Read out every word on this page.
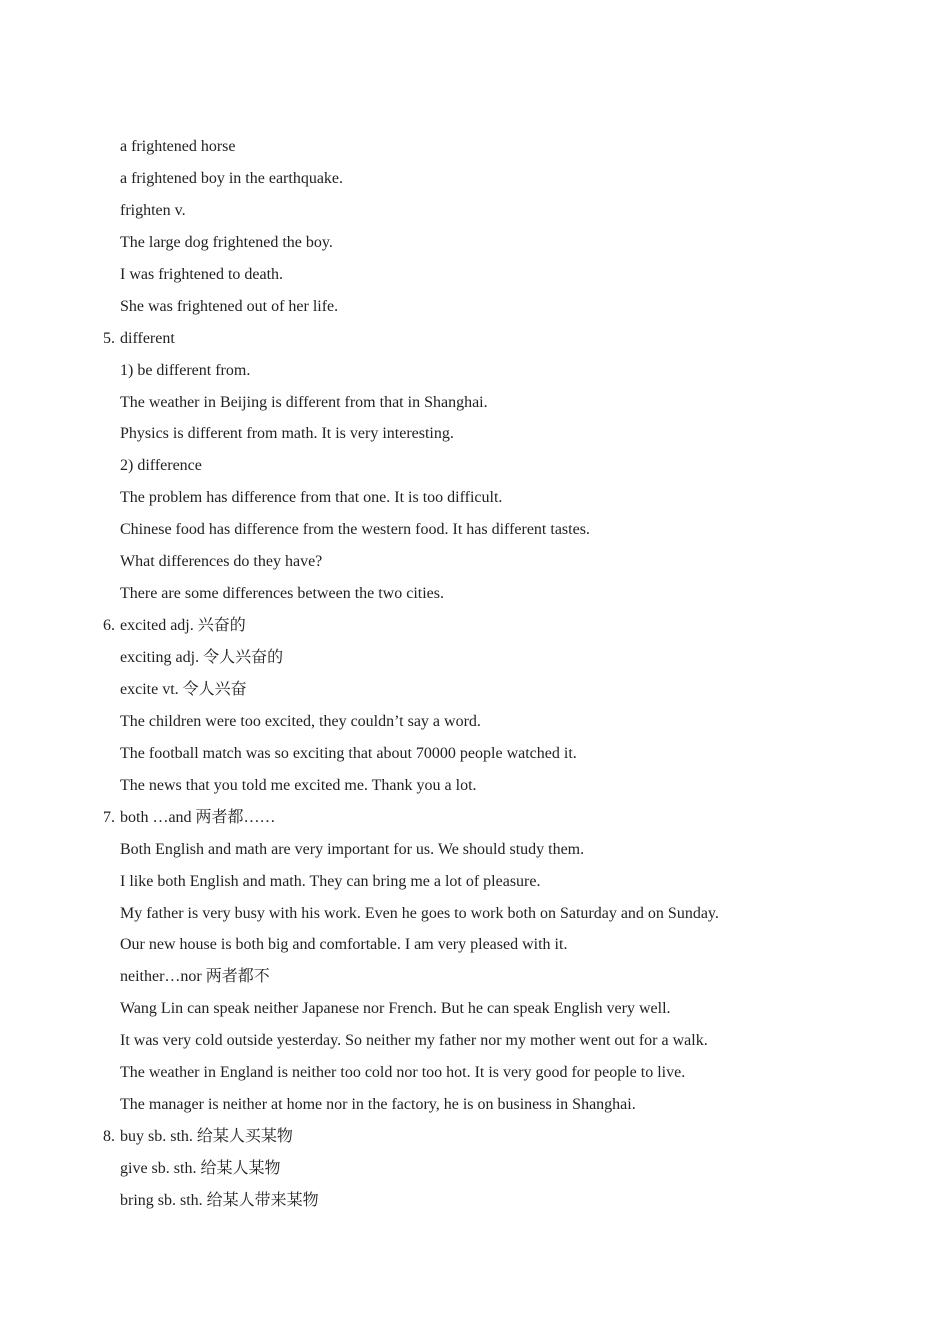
a frightened horse
a frightened boy in the earthquake.
frighten v.
The large dog frightened the boy.
I was frightened to death.
She was frightened out of her life.
5. different
1) be different from.
The weather in Beijing is different from that in Shanghai.
Physics is different from math. It is very interesting.
2) difference
The problem has difference from that one. It is too difficult.
Chinese food has difference from the western food. It has different tastes.
What differences do they have?
There are some differences between the two cities.
6. excited adj. 兴奋的
exciting adj. 令人兴奋的
excite vt. 令人兴奋
The children were too excited, they couldn’t say a word.
The football match was so exciting that about 70000 people watched it.
The news that you told me excited me. Thank you a lot.
7. both …and 两者都……
Both English and math are very important for us. We should study them.
I like both English and math. They can bring me a lot of pleasure.
My father is very busy with his work. Even he goes to work both on Saturday and on Sunday.
Our new house is both big and comfortable. I am very pleased with it.
neither…nor 两者都不
Wang Lin can speak neither Japanese nor French. But he can speak English very well.
It was very cold outside yesterday. So neither my father nor my mother went out for a walk.
The weather in England is neither too cold nor too hot. It is very good for people to live.
The manager is neither at home nor in the factory, he is on business in Shanghai.
8. buy sb. sth. 给某人买某物
give sb. sth. 给某人某物
bring sb. sth. 给某人带来某物
